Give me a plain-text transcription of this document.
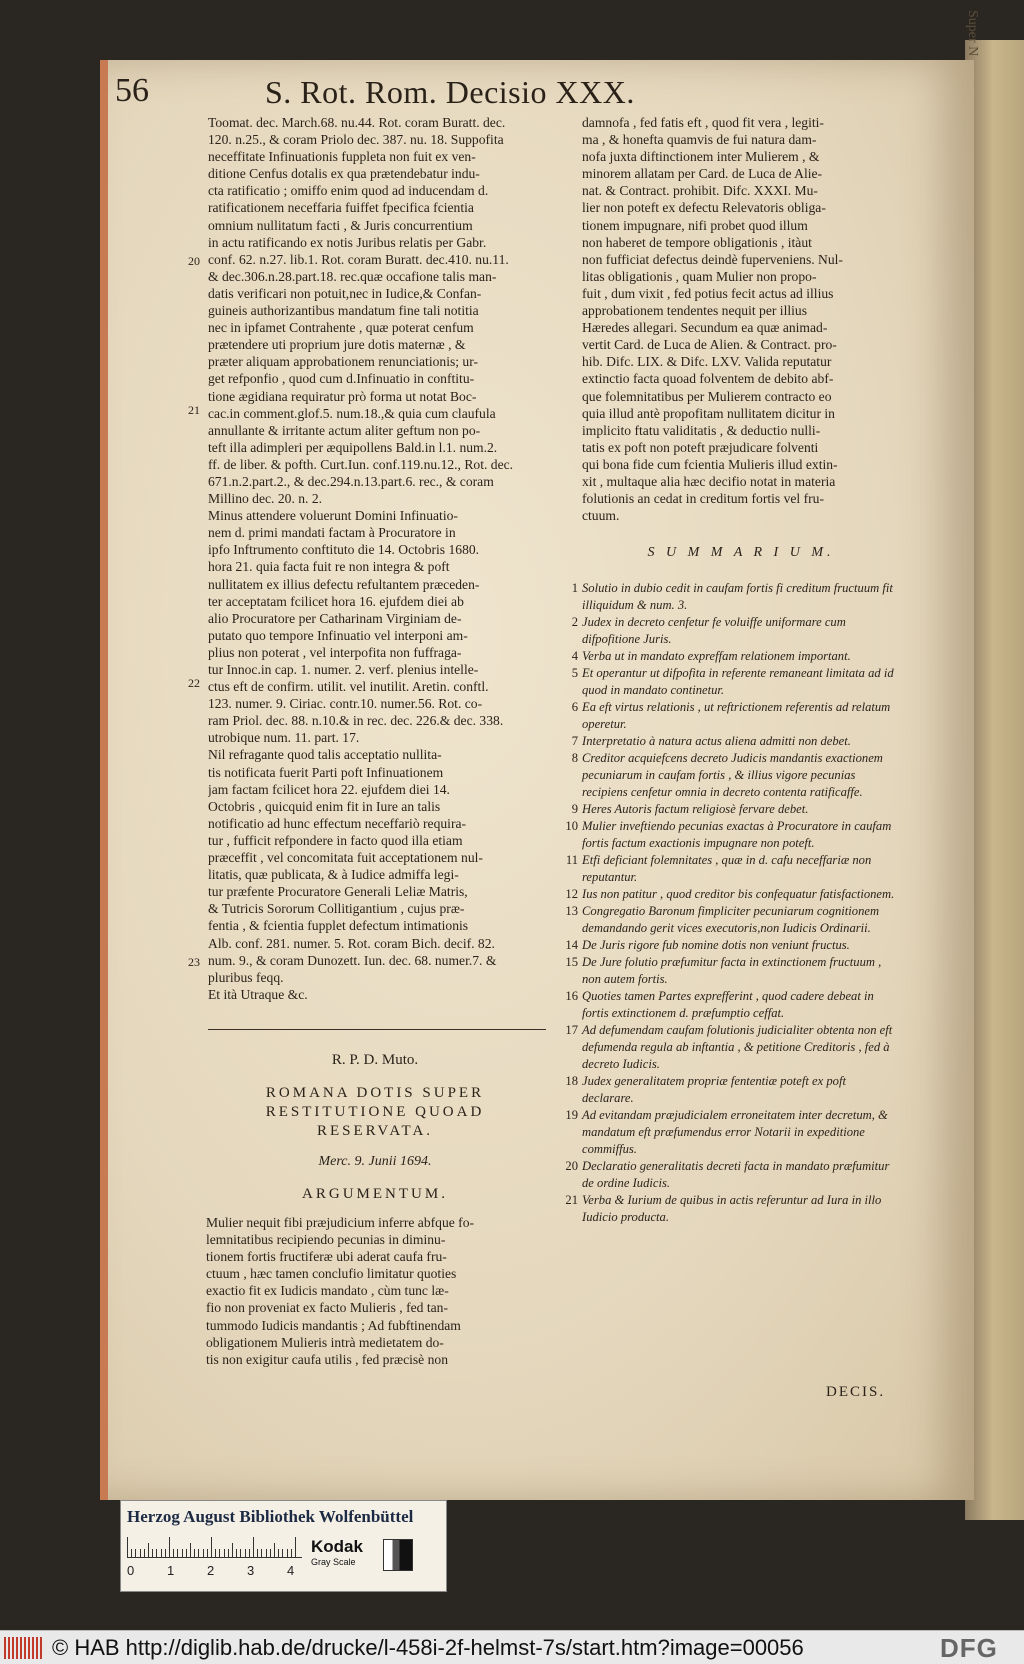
Super N
56	S. Rot. Rom. Decisio XXX.
Toomat. dec. March.68. nu.44. Rot. coram Buratt. dec.
120. n.25., & coram Priolo dec. 387. nu. 18. Suppofita
neceffitate Infinuationis fuppleta non fuit ex ven-
ditione Cenfus dotalis ex qua prætendebatur indu-
cta ratificatio ; omiffo enim quod ad inducendam d.
ratificationem neceffaria fuiffet fpecifica fcientia
omnium nullitatum facti , & Juris concurrentium
in actu ratificando ex notis Juribus relatis per Gabr.
conf. 62. n.27. lib.1. Rot. coram Buratt. dec.410. nu.11.
& dec.306.n.28.part.18. rec.quæ occafione talis man-
datis verificari non potuit,nec in Iudice,& Confan-
guineis authorizantibus mandatum fine tali notitia
nec in ipfamet Contrahente , quæ poterat cenfum
prætendere uti proprium jure dotis maternæ , &
præter aliquam approbationem renunciationis; ur-
get refponfio , quod cum d.Infinuatio in conftitu-
tione ægidiana requiratur prò forma ut notat Boc-
cac.in comment.glof.5. num.18.,& quia cum claufula
annullante & irritante actum aliter geftum non po-
teft illa adimpleri per æquipollens Bald.in l.1. num.2.
ff. de liber. & pofth. Curt.Iun. conf.119.nu.12., Rot. dec.
671.n.2.part.2., & dec.294.n.13.part.6. rec., & coram
Millino dec. 20. n. 2.
Minus attendere voluerunt Domini Infinuatio-
nem d. primi mandati factam à Procuratore in
ipfo Inftrumento conftituto die 14. Octobris 1680.
hora 21. quia facta fuit re non integra & poft
nullitatem ex illius defectu refultantem præceden-
ter acceptatam fcilicet hora 16. ejufdem diei ab
alio Procuratore per Catharinam Virginiam de-
putato quo tempore Infinuatio vel interponi am-
plius non poterat , vel interpofita non fuffraga-
tur Innoc.in cap. 1. numer. 2. verf. plenius intelle-
ctus eft de confirm. utilit. vel inutilit. Aretin. conftl.
123. numer. 9. Ciriac. contr.10. numer.56. Rot. co-
ram Priol. dec. 88. n.10.& in rec. dec. 226.& dec. 338.
utrobique num. 11. part. 17.
Nil refragante quod talis acceptatio nullita-
tis notificata fuerit Parti poft Infinuationem
jam factam fcilicet hora 22. ejufdem diei 14.
Octobris , quicquid enim fit in Iure an talis
notificatio ad hunc effectum neceffariò requira-
tur , fufficit refpondere in facto quod illa etiam
præceffit , vel concomitata fuit acceptationem nul-
litatis, quæ publicata, & à Iudice admiffa legi-
tur præfente Procuratore Generali Leliæ Matris,
& Tutricis Sororum Collitigantium , cujus præ-
fentia , & fcientia fupplet defectum intimationis
Alb. conf. 281. numer. 5. Rot. coram Bich. decif. 82.
num. 9., & coram Dunozett. Iun. dec. 68. numer.7. &
pluribus feqq.
Et ità Utraque &c.
20
21
22
23
R. P. D. Muto.
ROMANA DOTIS SUPER
RESTITUTIONE QUOAD
RESERVATA.
Merc. 9. Junii 1694.
ARGUMENTUM.
Mulier nequit fibi præjudicium inferre abfque fo-
lemnitatibus recipiendo pecunias in diminu-
tionem fortis fructiferæ ubi aderat caufa fru-
ctuum , hæc tamen conclufio limitatur quoties
exactio fit ex Iudicis mandato , cùm tunc læ-
fio non proveniat ex facto Mulieris , fed tan-
tummodo Iudicis mandantis ; Ad fubftinendam
obligationem Mulieris intrà medietatem do-
tis non exigitur caufa utilis , fed præcisè non
damnofa , fed fatis eft , quod fit vera , legiti-
ma , & honefta quamvis de fui natura dam-
nofa juxta diftinctionem inter Mulierem , &
minorem allatam per Card. de Luca de Alie-
nat. & Contract. prohibit. Difc. XXXI. Mu-
lier non poteft ex defectu Relevatoris obliga-
tionem impugnare, nifi probet quod illum
non haberet de tempore obligationis , itàut
non fufficiat defectus deindè fuperveniens. Nul-
litas obligationis , quam Mulier non propo-
fuit , dum vixit , fed potius fecit actus ad illius
approbationem tendentes nequit per illius
Hæredes allegari. Secundum ea quæ animad-
vertit Card. de Luca de Alien. & Contract. pro-
hib. Difc. LIX. & Difc. LXV. Valida reputatur
extinctio facta quoad folventem de debito abf-
que folemnitatibus per Mulierem contracto eo
quia illud antè propofitam nullitatem dicitur in
implicito ftatu validitatis , & deductio nulli-
tatis ex poft non poteft præjudicare folventi
qui bona fide cum fcientia Mulieris illud extin-
xit , multaque alia hæc decifio notat in materia
folutionis an cedat in creditum fortis vel fru-
ctuum.
S U M M A R I U M.
1 Solutio in dubio cedit in caufam fortis fi creditum fructuum fit illiquidum & num. 3.
2 Judex in decreto cenfetur fe voluiffe uniformare cum difpofitione Juris.
4 Verba ut in mandato expreffam relationem important.
5 Et operantur ut difpofita in referente remaneant limitata ad id quod in mandato continetur.
6 Ea eft virtus relationis , ut reftrictionem referentis ad relatum operetur.
7 Interpretatio à natura actus aliena admitti non debet.
8 Creditor acquiefcens decreto Judicis mandantis exactionem pecuniarum in caufam fortis , & illius vigore pecunias recipiens cenfetur omnia in decreto contenta ratificaffe.
9 Heres Autoris factum religiosè fervare debet.
10 Mulier inveftiendo pecunias exactas à Procuratore in caufam fortis factum exactionis impugnare non poteft.
11 Etfi deficiant folemnitates , quæ in d. cafu neceffariæ non reputantur.
12 Ius non patitur , quod creditor bis confequatur fatisfactionem.
13 Congregatio Baronum fimpliciter pecuniarum cognitionem demandando gerit vices executoris,non Iudicis Ordinarii.
14 De Juris rigore fub nomine dotis non veniunt fructus.
15 De Jure folutio præfumitur facta in extinctionem fructuum , non autem fortis.
16 Quoties tamen Partes exprefferint , quod cadere debeat in fortis extinctionem d. præfumptio ceffat.
17 Ad defumendam caufam folutionis judicialiter obtenta non eft defumenda regula ab inftantia , & petitione Creditoris , fed à decreto Iudicis.
18 Judex generalitatem propriæ fententiæ poteft ex poft declarare.
19 Ad evitandam præjudicialem erroneitatem inter decretum, & mandatum eft præfumendus error Notarii in expeditione commiffus.
20 Declaratio generalitatis decreti facta in mandato præfumitur de ordine Iudicis.
21 Verba & Iurium de quibus in actis referuntur ad Iura in illo Iudicio producta.
DECIS.
Herzog August Bibliothek Wolfenbüttel
0	1	2	3	4
Kodak
Gray Scale
© HAB http://diglib.hab.de/drucke/l-458i-2f-helmst-7s/start.htm?image=00056	DFG
